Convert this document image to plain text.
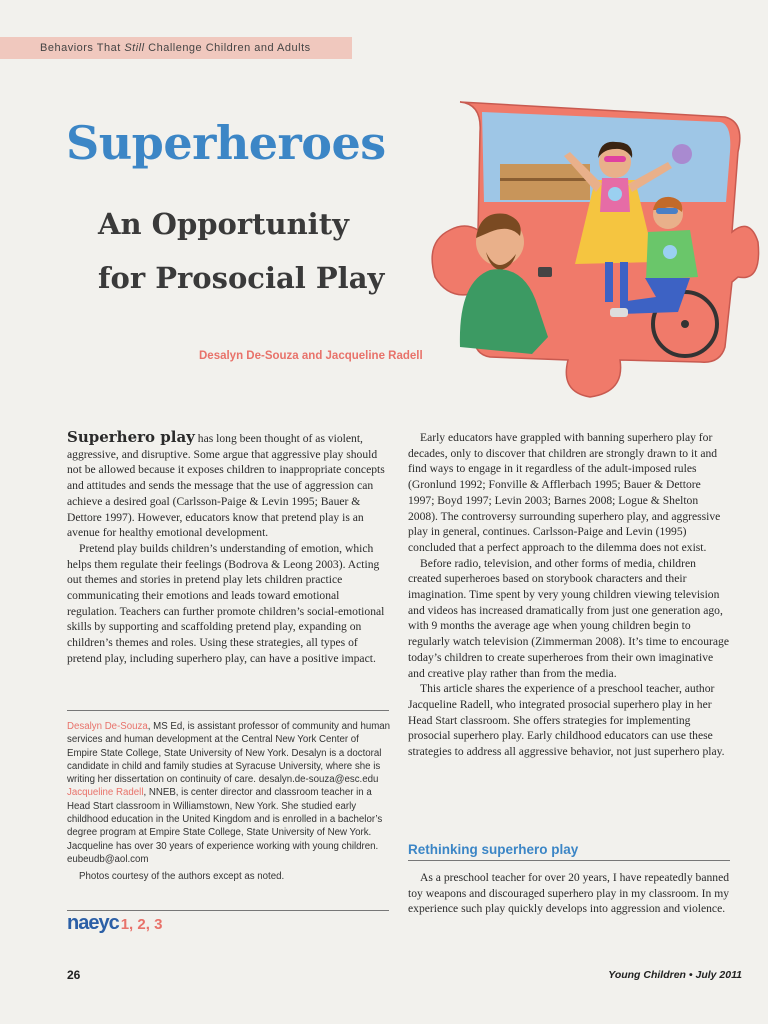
Behaviors That Still Challenge Children and Adults
Superheroes
An Opportunity
for Prosocial Play
Desalyn De-Souza and Jacqueline Radell

Superhero play has long been thought of as violent, aggressive, and disruptive. Some argue that aggressive play should not be allowed because it exposes children to inappropriate concepts and attitudes and sends the message that the use of aggression can achieve a desired goal (Carlsson-Paige & Levin 1995; Bauer & Dettore 1997). However, educators know that pretend play is an avenue for healthy emotional development.

Pretend play builds children’s understanding of emotion, which helps them regulate their feelings (Bodrova & Leong 2003). Acting out themes and stories in pretend play lets children practice communicating their emotions and leads toward emotional regulation. Teachers can further promote children’s social-emotional skills by supporting and scaffolding pretend play, expanding on children’s themes and roles. Using these strategies, all types of pretend play, including superhero play, can have a positive impact.

Desalyn De-Souza, MS Ed, is assistant professor of community and human services and human development at the Central New York Center of Empire State College, State University of New York. Desalyn is a doctoral candidate in child and family studies at Syracuse University, where she is writing her dissertation on continuity of care. desalyn.de-souza@esc.edu

Jacqueline Radell, NNEB, is center director and classroom teacher in a Head Start classroom in Williamstown, New York. She studied early childhood education in the United Kingdom and is enrolled in a bachelor’s degree program at Empire State College, State University of New York. Jacqueline has over 30 years of experience working with young children. eubeudb@aol.com

Photos courtesy of the authors except as noted.

naeyc 1, 2, 3

Early educators have grappled with banning superhero play for decades, only to discover that children are strongly drawn to it and find ways to engage in it regardless of the adult-imposed rules (Gronlund 1992; Fonville & Afflerbach 1995; Bauer & Dettore 1997; Boyd 1997; Levin 2003; Barnes 2008; Logue & Shelton 2008). The controversy surrounding superhero play, and aggressive play in general, continues. Carlsson-Paige and Levin (1995) concluded that a perfect approach to the dilemma does not exist.

Before radio, television, and other forms of media, children created superheroes based on storybook characters and their imagination. Time spent by very young children viewing television and videos has increased dramatically from just one generation ago, with 9 months the average age when young children begin to regularly watch television (Zimmerman 2008). It’s time to encourage today’s children to create superheroes from their own imaginative and creative play rather than from the media.

This article shares the experience of a preschool teacher, author Jacqueline Radell, who integrated prosocial superhero play in her Head Start classroom. She offers strategies for implementing prosocial superhero play. Early childhood educators can use these strategies to address all aggressive behavior, not just superhero play.

Rethinking superhero play

As a preschool teacher for over 20 years, I have repeatedly banned toy weapons and discouraged superhero play in my classroom. In my experience such play quickly develops into aggression and violence.

26	Young Children • July 2011
